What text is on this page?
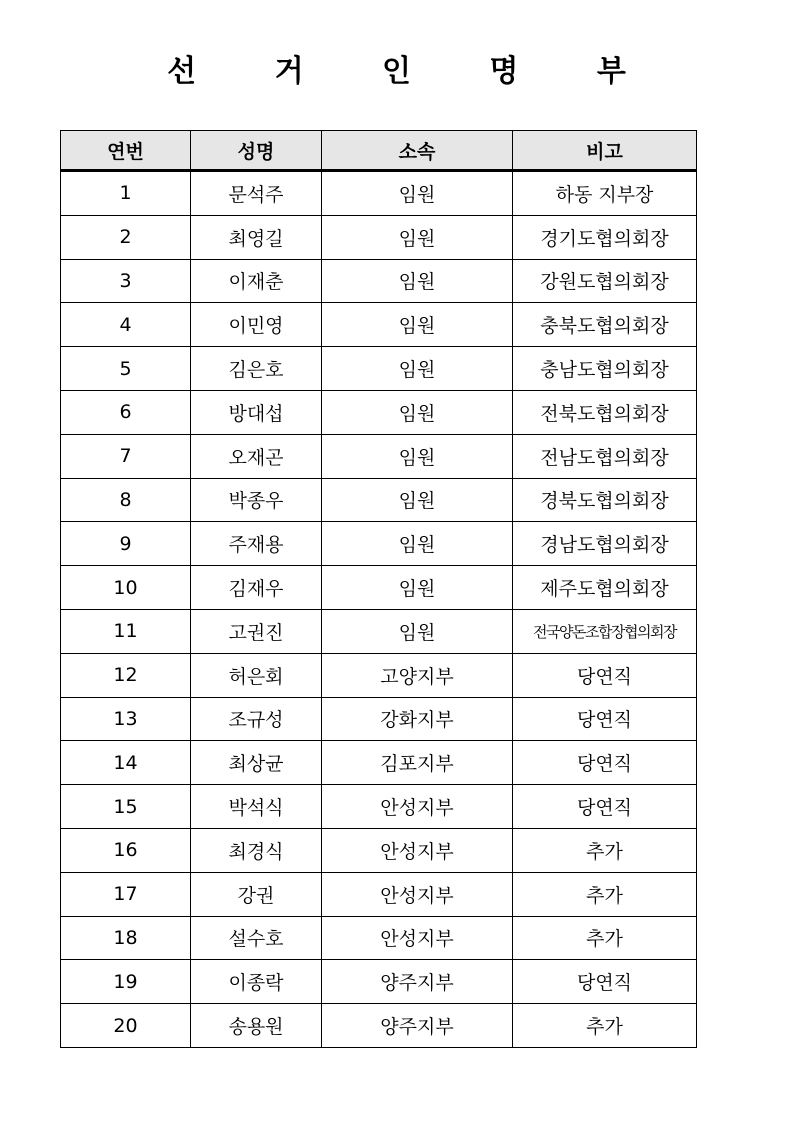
선 거 인 명 부
연번	성명	소속	비고
1	문석주	임원	하동 지부장
2	최영길	임원	경기도협의회장
3	이재춘	임원	강원도협의회장
4	이민영	임원	충북도협의회장
5	김은호	임원	충남도협의회장
6	방대섭	임원	전북도협의회장
7	오재곤	임원	전남도협의회장
8	박종우	임원	경북도협의회장
9	주재용	임원	경남도협의회장
10	김재우	임원	제주도협의회장
11	고권진	임원	전국양돈조합장협의회장
12	허은회	고양지부	당연직
13	조규성	강화지부	당연직
14	최상균	김포지부	당연직
15	박석식	안성지부	당연직
16	최경식	안성지부	추가
17	강권	안성지부	추가
18	설수호	안성지부	추가
19	이종락	양주지부	당연직
20	송용원	양주지부	추가
